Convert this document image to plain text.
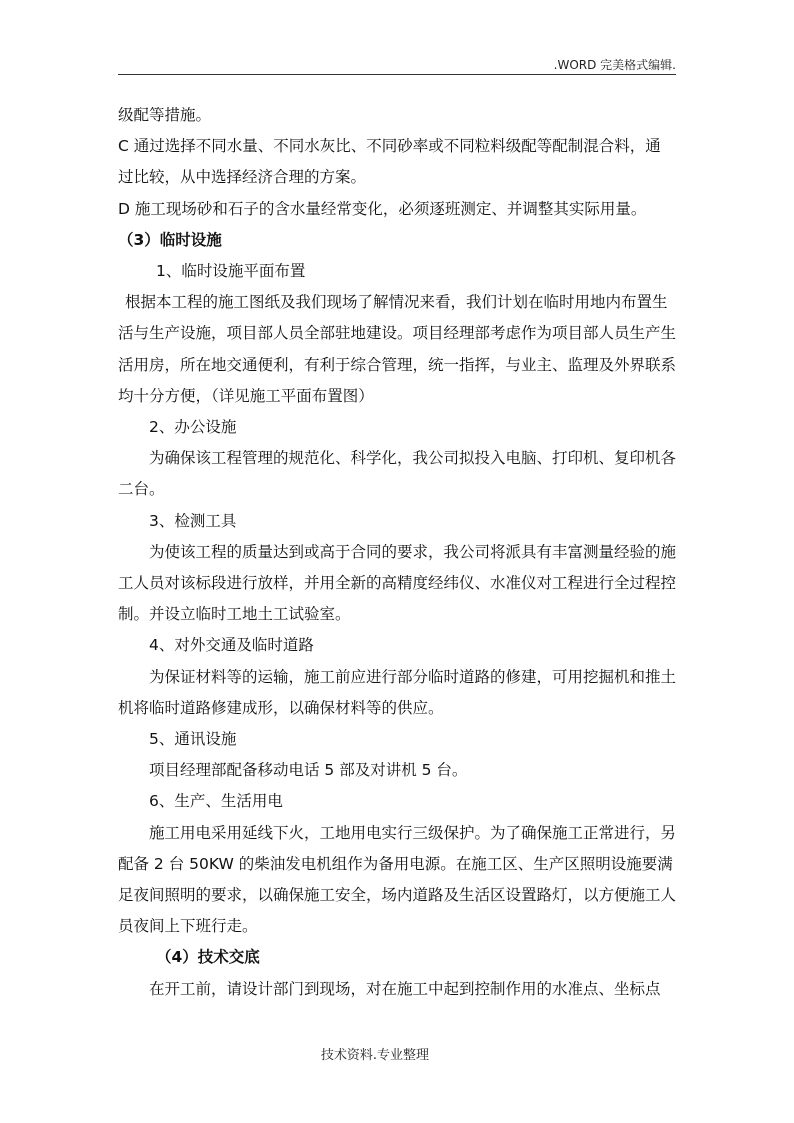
.WORD 完美格式编辑.

级配等措施。

C 通过选择不同水量、不同水灰比、不同砂率或不同粒料级配等配制混合料，通过比较，从中选择经济合理的方案。

D 施工现场砂和石子的含水量经常变化，必须逐班测定、并调整其实际用量。

（3）临时设施

1、临时设施平面布置

根据本工程的施工图纸及我们现场了解情况来看，我们计划在临时用地内布置生活与生产设施，项目部人员全部驻地建设。项目经理部考虑作为项目部人员生产生活用房，所在地交通便利，有利于综合管理，统一指挥，与业主、监理及外界联系均十分方便，（详见施工平面布置图）

2、办公设施

为确保该工程管理的规范化、科学化，我公司拟投入电脑、打印机、复印机各二台。

3、检测工具

为使该工程的质量达到或高于合同的要求，我公司将派具有丰富测量经验的施工人员对该标段进行放样，并用全新的高精度经纬仪、水准仪对工程进行全过程控制。并设立临时工地土工试验室。

4、对外交通及临时道路

为保证材料等的运输，施工前应进行部分临时道路的修建，可用挖掘机和推土机将临时道路修建成形，以确保材料等的供应。

5、通讯设施

项目经理部配备移动电话 5 部及对讲机 5 台。

6、生产、生活用电

施工用电采用延线下火，工地用电实行三级保护。为了确保施工正常进行，另配备 2 台 50KW 的柴油发电机组作为备用电源。在施工区、生产区照明设施要满足夜间照明的要求，以确保施工安全，场内道路及生活区设置路灯，以方便施工人员夜间上下班行走。

（4）技术交底

在开工前，请设计部门到现场，对在施工中起到控制作用的水准点、坐标点

技术资料.专业整理
